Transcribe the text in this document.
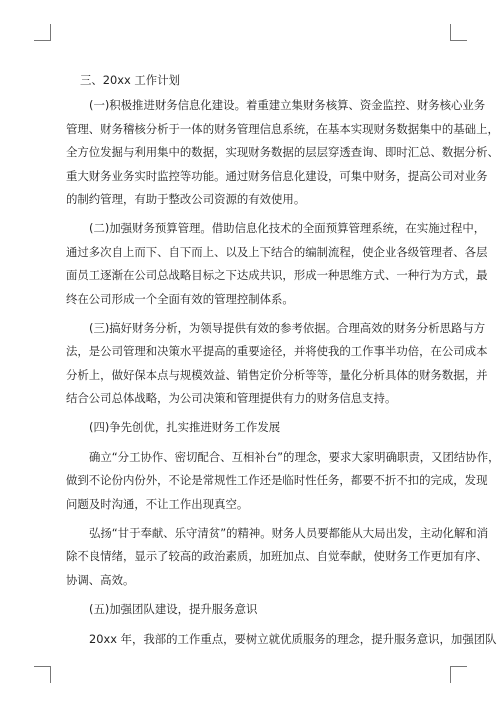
三、20xx 工作计划
(一)积极推进财务信息化建设。着重建立集财务核算、资金监控、财务核心业务
管理、财务稽核分析于一体的财务管理信息系统，在基本实现财务数据集中的基础上，
全方位发掘与利用集中的数据，实现财务数据的层层穿透查询、即时汇总、数据分析、
重大财务业务实时监控等功能。通过财务信息化建设，可集中财务，提高公司对业务
的制约管理，有助于整改公司资源的有效使用。
(二)加强财务预算管理。借助信息化技术的全面预算管理系统，在实施过程中，
通过多次自上而下、自下而上、以及上下结合的编制流程，使企业各级管理者、各层
面员工逐渐在公司总战略目标之下达成共识，形成一种思维方式、一种行为方式，最
终在公司形成一个全面有效的管理控制体系。
(三)搞好财务分析，为领导提供有效的参考依据。合理高效的财务分析思路与方
法，是公司管理和决策水平提高的重要途径，并将使我的工作事半功倍，在公司成本
分析上，做好保本点与规模效益、销售定价分析等等，量化分析具体的财务数据，并
结合公司总体战略，为公司决策和管理提供有力的财务信息支持。
(四)争先创优，扎实推进财务工作发展
确立“分工协作、密切配合、互相补台”的理念，要求大家明确职责，又团结协作，
做到不论份内份外，不论是常规性工作还是临时性任务，都要不折不扣的完成，发现
问题及时沟通，不让工作出现真空。
弘扬“甘于奉献、乐守清贫”的精神。财务人员要都能从大局出发，主动化解和消
除不良情绪，显示了较高的政治素质，加班加点、自觉奉献，使财务工作更加有序、
协调、高效。
(五)加强团队建设，提升服务意识
20xx 年，我部的工作重点，要树立就优质服务的理念，提升服务意识，加强团队
